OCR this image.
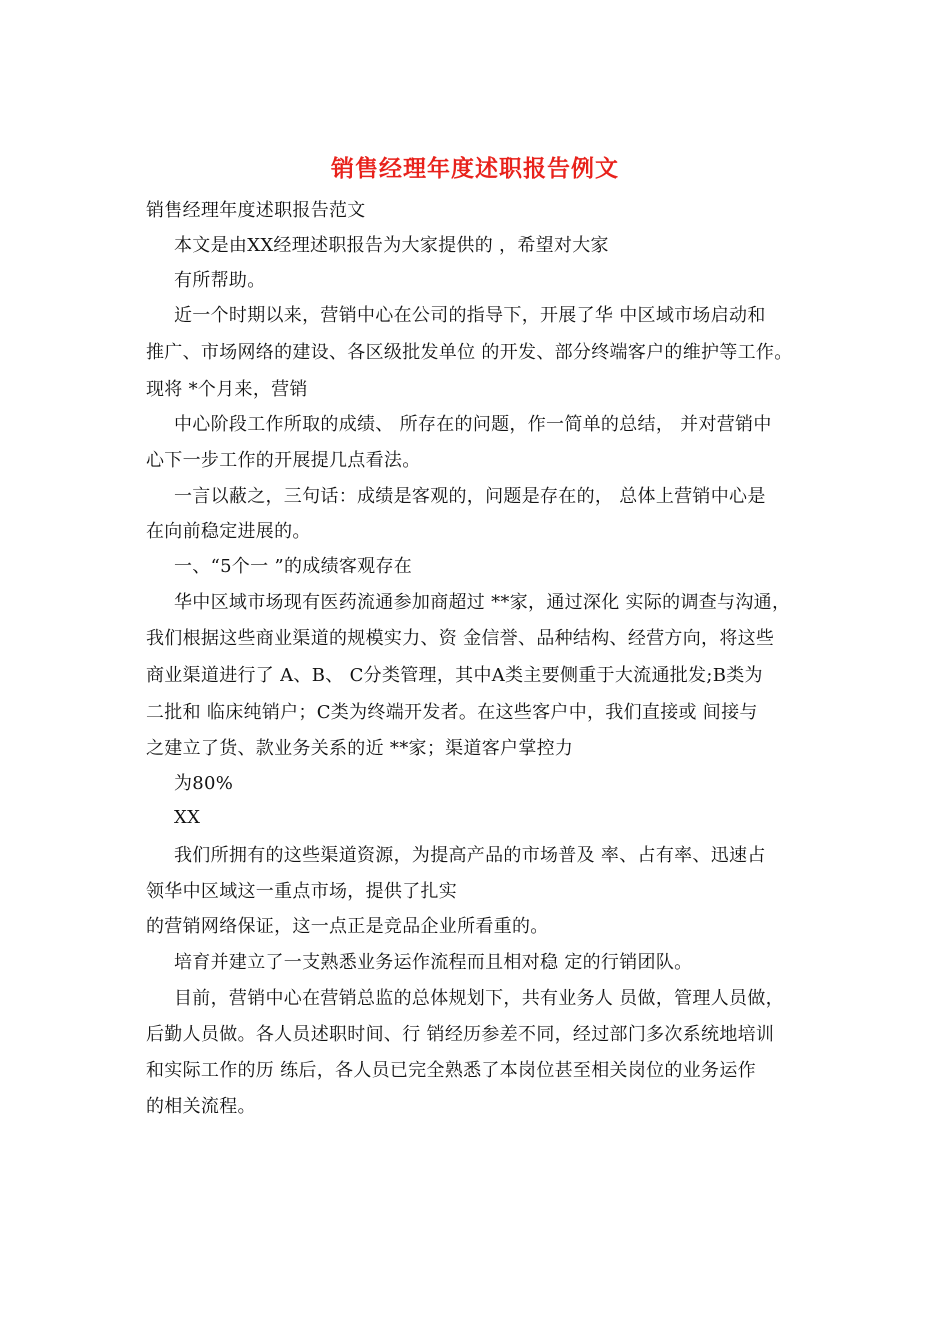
销售经理年度述职报告例文
销售经理年度述职报告范文
本文是由XX经理述职报告为大家提供的 ，希望对大家
有所帮助。
近一个时期以来，营销中心在公司的指导下，开展了华 中区域市场启动和
推广、市场网络的建设、各区级批发单位 的开发、部分终端客户的维护等工作。
现将 *个月来，营销
中心阶段工作所取的成绩、 所存在的问题，作一简单的总结， 并对营销中
心下一步工作的开展提几点看法。
一言以蔽之，三句话：成绩是客观的，问题是存在的， 总体上营销中心是
在向前稳定进展的。
一、“5个一 ”的成绩客观存在
华中区域市场现有医药流通参加商超过 **家，通过深化 实际的调查与沟通，
我们根据这些商业渠道的规模实力、资 金信誉、品种结构、经营方向，将这些
商业渠道进行了 A、B、 C分类管理，其中A类主要侧重于大流通批发;B类为
二批和 临床纯销户；C类为终端开发者。在这些客户中，我们直接或 间接与
之建立了货、款业务关系的近 **家；渠道客户掌控力
为80%
XX
我们所拥有的这些渠道资源，为提高产品的市场普及 率、占有率、迅速占
领华中区域这一重点市场，提供了扎实
的营销网络保证，这一点正是竞品企业所看重的。
培育并建立了一支熟悉业务运作流程而且相对稳 定的行销团队。
目前，营销中心在营销总监的总体规划下，共有业务人 员做，管理人员做，
后勤人员做。各人员述职时间、行 销经历参差不同，经过部门多次系统地培训
和实际工作的历 练后，各人员已完全熟悉了本岗位甚至相关岗位的业务运作
的相关流程。
